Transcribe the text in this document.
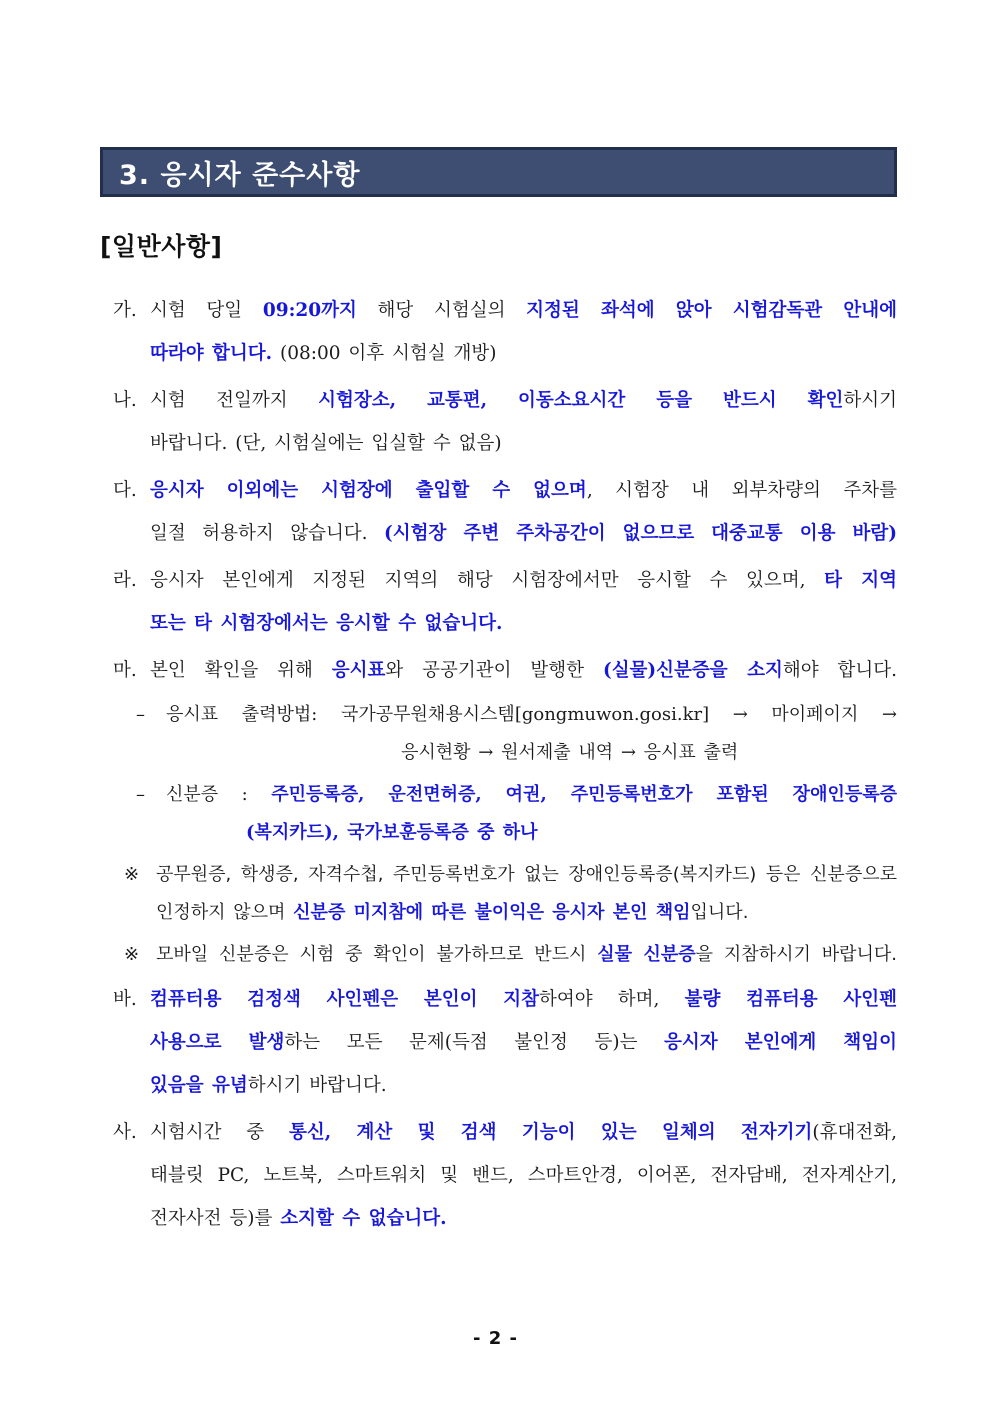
3. 응시자 준수사항
[일반사항]
가. 시험 당일 09:20까지 해당 시험실의 지정된 좌석에 앉아 시험감독관 안내에
따라야 합니다. (08:00 이후 시험실 개방)
나. 시험 전일까지 시험장소, 교통편, 이동소요시간 등을 반드시 확인하시기
바랍니다. (단, 시험실에는 입실할 수 없음)
다. 응시자 이외에는 시험장에 출입할 수 없으며, 시험장 내 외부차량의 주차를
일절 허용하지 않습니다. (시험장 주변 주차공간이 없으므로 대중교통 이용 바람)
라. 응시자 본인에게 지정된 지역의 해당 시험장에서만 응시할 수 있으며, 타 지역
또는 타 시험장에서는 응시할 수 없습니다.
마. 본인 확인을 위해 응시표와 공공기관이 발행한 (실물)신분증을 소지해야 합니다.
– 응시표 출력방법: 국가공무원채용시스템[gongmuwon.gosi.kr] → 마이페이지 →
응시현황 → 원서제출 내역 → 응시표 출력
– 신분증 : 주민등록증, 운전면허증, 여권, 주민등록번호가 포함된 장애인등록증
(복지카드), 국가보훈등록증 중 하나
※ 공무원증, 학생증, 자격수첩, 주민등록번호가 없는 장애인등록증(복지카드) 등은 신분증으로
인정하지 않으며 신분증 미지참에 따른 불이익은 응시자 본인 책임입니다.
※ 모바일 신분증은 시험 중 확인이 불가하므로 반드시 실물 신분증을 지참하시기 바랍니다.
바. 컴퓨터용 검정색 사인펜은 본인이 지참하여야 하며, 불량 컴퓨터용 사인펜
사용으로 발생하는 모든 문제(득점 불인정 등)는 응시자 본인에게 책임이
있음을 유념하시기 바랍니다.
사. 시험시간 중 통신, 계산 및 검색 기능이 있는 일체의 전자기기(휴대전화,
태블릿 PC, 노트북, 스마트워치 및 밴드, 스마트안경, 이어폰, 전자담배, 전자계산기,
전자사전 등)를 소지할 수 없습니다.
- 2 -
